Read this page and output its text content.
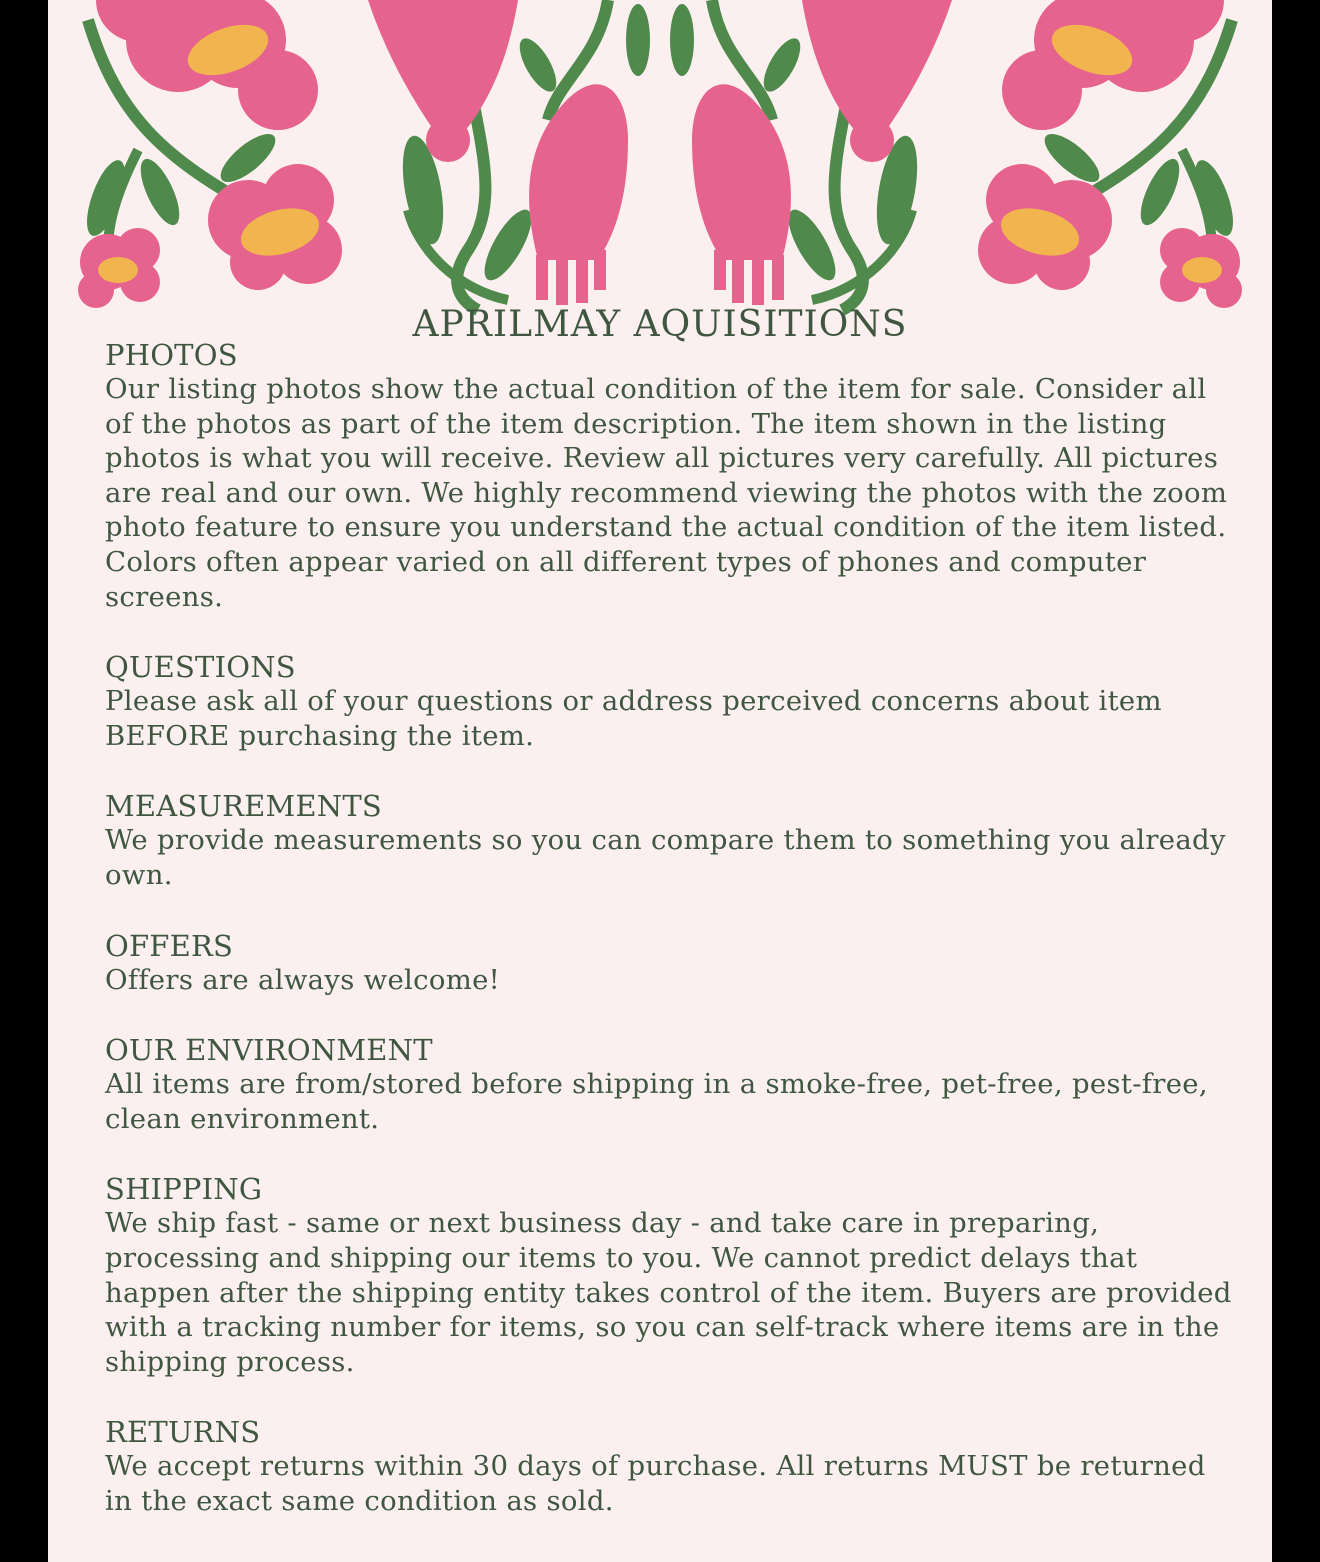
APRILMAY AQUISITIONS
PHOTOS
Our listing photos show the actual condition of the item for sale. Consider all of the photos as part of the item description. The item shown in the listing photos is what you will receive. Review all pictures very carefully. All pictures are real and our own. We highly recommend viewing the photos with the zoom photo feature to ensure you understand the actual condition of the item listed. Colors often appear varied on all different types of phones and computer screens.
QUESTIONS
Please ask all of your questions or address perceived concerns about item BEFORE purchasing the item.
MEASUREMENTS
We provide measurements so you can compare them to something you already own.
OFFERS
Offers are always welcome!
OUR ENVIRONMENT
All items are from/stored before shipping in a smoke-free, pet-free, pest-free, clean environment.
SHIPPING
We ship fast - same or next business day - and take care in preparing, processing and shipping our items to you. We cannot predict delays that happen after the shipping entity takes control of the item. Buyers are provided with a tracking number for items, so you can self-track where items are in the shipping process.
RETURNS
We accept returns within 30 days of purchase. All returns MUST be returned in the exact same condition as sold.
